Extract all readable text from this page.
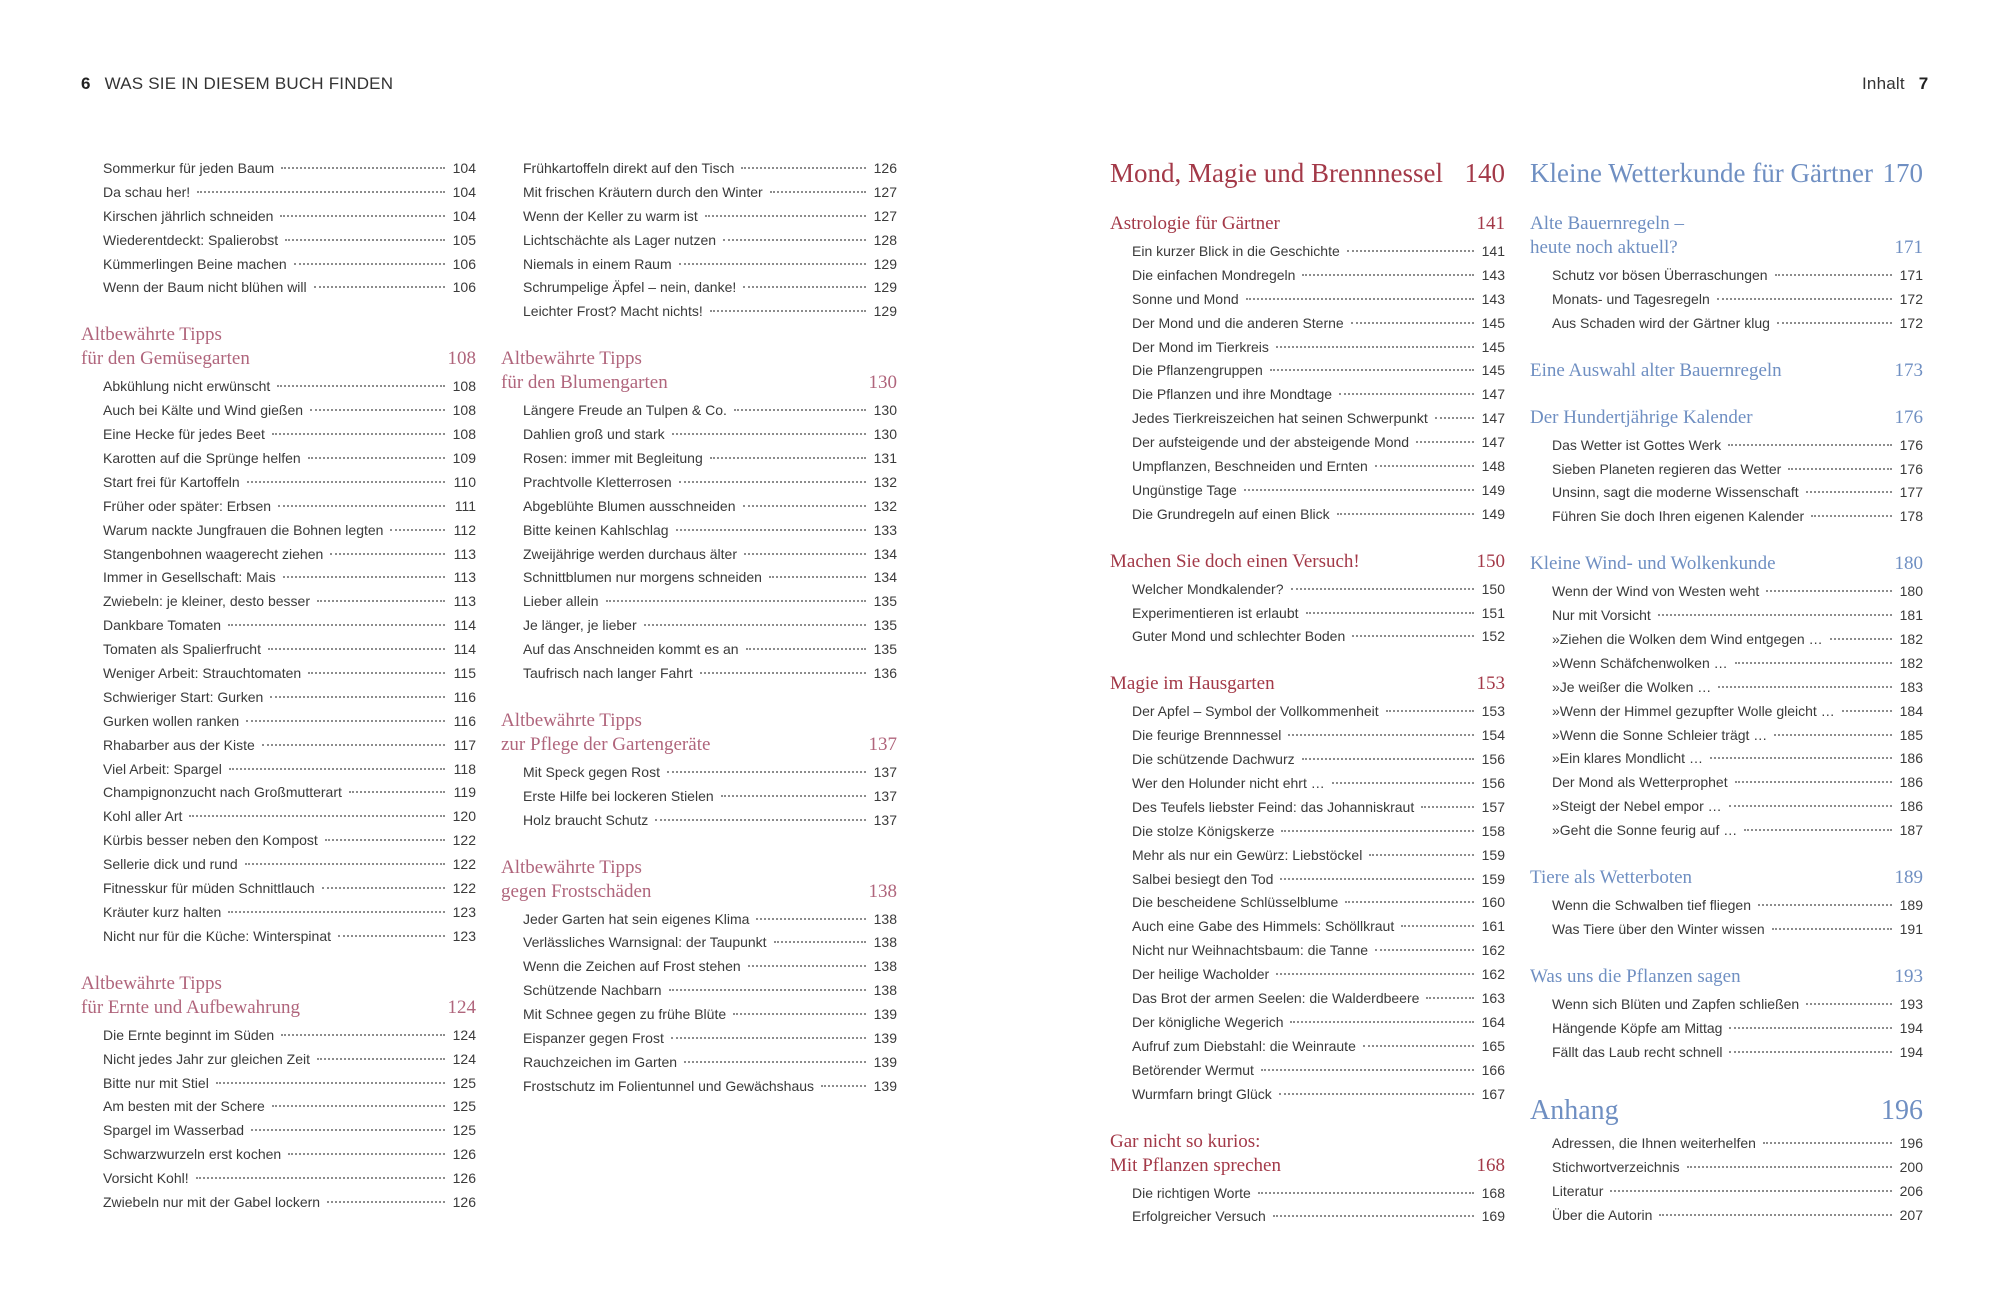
6 WAS SIE IN DIESEM BUCH FINDEN	Inhalt 7
Sommerkur für jeden Baum	104
Da schau her!	104
Kirschen jährlich schneiden	104
Wiederentdeckt: Spalierobst	105
Kümmerlingen Beine machen	106
Wenn der Baum nicht blühen will	106
Altbewährte Tipps
für den Gemüsegarten	108
Abkühlung nicht erwünscht	108
Auch bei Kälte und Wind gießen	108
Eine Hecke für jedes Beet	108
Karotten auf die Sprünge helfen	109
Start frei für Kartoffeln	110
Früher oder später: Erbsen	111
Warum nackte Jungfrauen die Bohnen legten	112
Stangenbohnen waagerecht ziehen	113
Immer in Gesellschaft: Mais	113
Zwiebeln: je kleiner, desto besser	113
Dankbare Tomaten	114
Tomaten als Spalierfrucht	114
Weniger Arbeit: Strauchtomaten	115
Schwieriger Start: Gurken	116
Gurken wollen ranken	116
Rhabarber aus der Kiste	117
Viel Arbeit: Spargel	118
Champignonzucht nach Großmutterart	119
Kohl aller Art	120
Kürbis besser neben den Kompost	122
Sellerie dick und rund	122
Fitnesskur für müden Schnittlauch	122
Kräuter kurz halten	123
Nicht nur für die Küche: Winterspinat	123
Altbewährte Tipps
für Ernte und Aufbewahrung	124
Die Ernte beginnt im Süden	124
Nicht jedes Jahr zur gleichen Zeit	124
Bitte nur mit Stiel	125
Am besten mit der Schere	125
Spargel im Wasserbad	125
Schwarzwurzeln erst kochen	126
Vorsicht Kohl!	126
Zwiebeln nur mit der Gabel lockern	126
Frühkartoffeln direkt auf den Tisch	126
Mit frischen Kräutern durch den Winter	127
Wenn der Keller zu warm ist	127
Lichtschächte als Lager nutzen	128
Niemals in einem Raum	129
Schrumpelige Äpfel – nein, danke!	129
Leichter Frost? Macht nichts!	129
Altbewährte Tipps
für den Blumengarten	130
Längere Freude an Tulpen & Co.	130
Dahlien groß und stark	130
Rosen: immer mit Begleitung	131
Prachtvolle Kletterrosen	132
Abgeblühte Blumen ausschneiden	132
Bitte keinen Kahlschlag	133
Zweijährige werden durchaus älter	134
Schnittblumen nur morgens schneiden	134
Lieber allein	135
Je länger, je lieber	135
Auf das Anschneiden kommt es an	135
Taufrisch nach langer Fahrt	136
Altbewährte Tipps
zur Pflege der Gartengeräte	137
Mit Speck gegen Rost	137
Erste Hilfe bei lockeren Stielen	137
Holz braucht Schutz	137
Altbewährte Tipps
gegen Frostschäden	138
Jeder Garten hat sein eigenes Klima	138
Verlässliches Warnsignal: der Taupunkt	138
Wenn die Zeichen auf Frost stehen	138
Schützende Nachbarn	138
Mit Schnee gegen zu frühe Blüte	139
Eispanzer gegen Frost	139
Rauchzeichen im Garten	139
Frostschutz im Folientunnel und Gewächshaus	139
Mond, Magie und Brennnessel 140
Astrologie für Gärtner	141
Ein kurzer Blick in die Geschichte	141
Die einfachen Mondregeln	143
Sonne und Mond	143
Der Mond und die anderen Sterne	145
Der Mond im Tierkreis	145
Die Pflanzengruppen	145
Die Pflanzen und ihre Mondtage	147
Jedes Tierkreiszeichen hat seinen Schwerpunkt	147
Der aufsteigende und der absteigende Mond	147
Umpflanzen, Beschneiden und Ernten	148
Ungünstige Tage	149
Die Grundregeln auf einen Blick	149
Machen Sie doch einen Versuch!	150
Welcher Mondkalender?	150
Experimentieren ist erlaubt	151
Guter Mond und schlechter Boden	152
Magie im Hausgarten	153
Der Apfel – Symbol der Vollkommenheit	153
Die feurige Brennnessel	154
Die schützende Dachwurz	156
Wer den Holunder nicht ehrt …	156
Des Teufels liebster Feind: das Johanniskraut	157
Die stolze Königskerze	158
Mehr als nur ein Gewürz: Liebstöckel	159
Salbei besiegt den Tod	159
Die bescheidene Schlüsselblume	160
Auch eine Gabe des Himmels: Schöllkraut	161
Nicht nur Weihnachtsbaum: die Tanne	162
Der heilige Wacholder	162
Das Brot der armen Seelen: die Walderdbeere	163
Der königliche Wegerich	164
Aufruf zum Diebstahl: die Weinraute	165
Betörender Wermut	166
Wurmfarn bringt Glück	167
Gar nicht so kurios:
Mit Pflanzen sprechen	168
Die richtigen Worte	168
Erfolgreicher Versuch	169
Kleine Wetterkunde für Gärtner 170
Alte Bauernregeln –
heute noch aktuell?	171
Schutz vor bösen Überraschungen	171
Monats- und Tagesregeln	172
Aus Schaden wird der Gärtner klug	172
Eine Auswahl alter Bauernregeln	173
Der Hundertjährige Kalender	176
Das Wetter ist Gottes Werk	176
Sieben Planeten regieren das Wetter	176
Unsinn, sagt die moderne Wissenschaft	177
Führen Sie doch Ihren eigenen Kalender	178
Kleine Wind- und Wolkenkunde	180
Wenn der Wind von Westen weht	180
Nur mit Vorsicht	181
»Ziehen die Wolken dem Wind entgegen …	182
»Wenn Schäfchenwolken …	182
»Je weißer die Wolken …	183
»Wenn der Himmel gezupfter Wolle gleicht …	184
»Wenn die Sonne Schleier trägt …	185
»Ein klares Mondlicht …	186
Der Mond als Wetterprophet	186
»Steigt der Nebel empor …	186
»Geht die Sonne feurig auf …	187
Tiere als Wetterboten	189
Wenn die Schwalben tief fliegen	189
Was Tiere über den Winter wissen	191
Was uns die Pflanzen sagen	193
Wenn sich Blüten und Zapfen schließen	193
Hängende Köpfe am Mittag	194
Fällt das Laub recht schnell	194
Anhang	196
Adressen, die Ihnen weiterhelfen	196
Stichwortverzeichnis	200
Literatur	206
Über die Autorin	207
